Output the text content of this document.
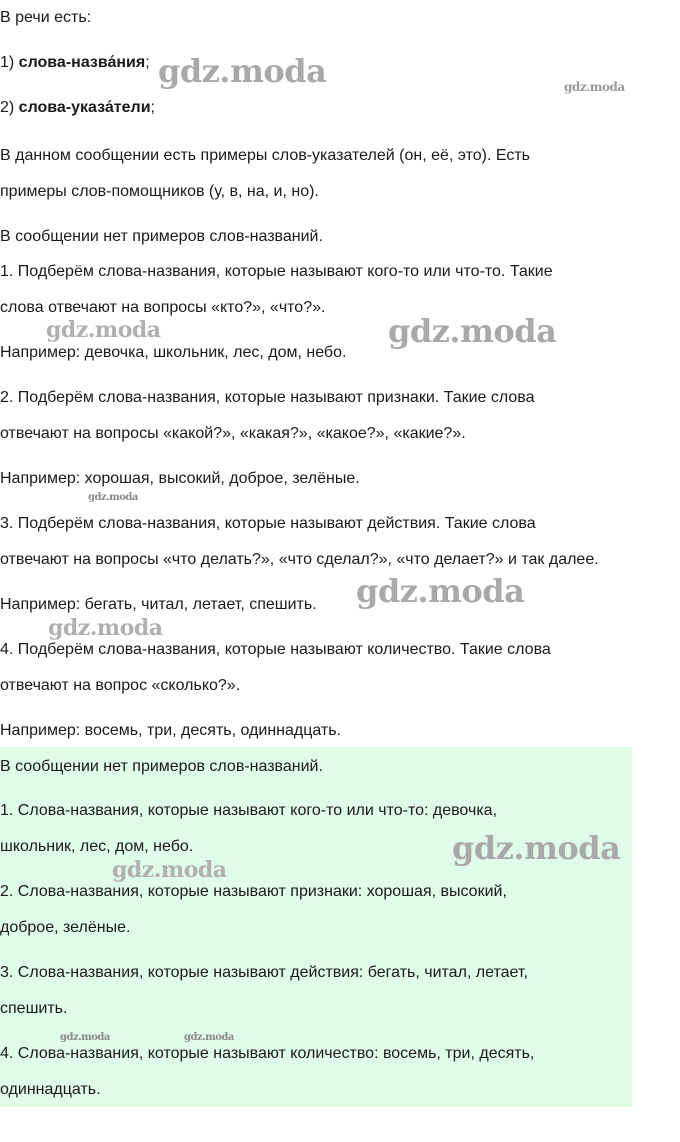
В речи есть:
1) слова-назва́ния;
2) слова-указа́тели;
В данном сообщении есть примеры слов-указателей (он, её, это). Есть
примеры слов-помощников (у, в, на, и, но).
В сообщении нет примеров слов-названий.
1. Подберём слова-названия, которые называют кого-то или что-то. Такие
слова отвечают на вопросы «кто?», «что?».
Например: девочка, школьник, лес, дом, небо.
2. Подберём слова-названия, которые называют признаки. Такие слова
отвечают на вопросы «какой?», «какая?», «какое?», «какие?».
Например: хорошая, высокий, доброе, зелёные.
3. Подберём слова-названия, которые называют действия. Такие слова
отвечают на вопросы «что делать?», «что сделал?», «что делает?» и так далее.
Например: бегать, читал, летает, спешить.
4. Подберём слова-названия, которые называют количество. Такие слова
отвечают на вопрос «сколько?».
Например: восемь, три, десять, одиннадцать.
В сообщении нет примеров слов-названий.
1. Слова-названия, которые называют кого-то или что-то: девочка,
школьник, лес, дом, небо.
2. Слова-названия, которые называют признаки: хорошая, высокий,
доброе, зелёные.
3. Слова-названия, которые называют действия: бегать, читал, летает,
спешить.
4. Слова-названия, которые называют количество: восемь, три, десять,
одиннадцать.
gdz.moda	gdz.moda
gdz.moda	gdz.moda
gdz.moda
gdz.moda
gdz.moda
gdz.moda
gdz.moda
gdz.moda	gdz.moda
